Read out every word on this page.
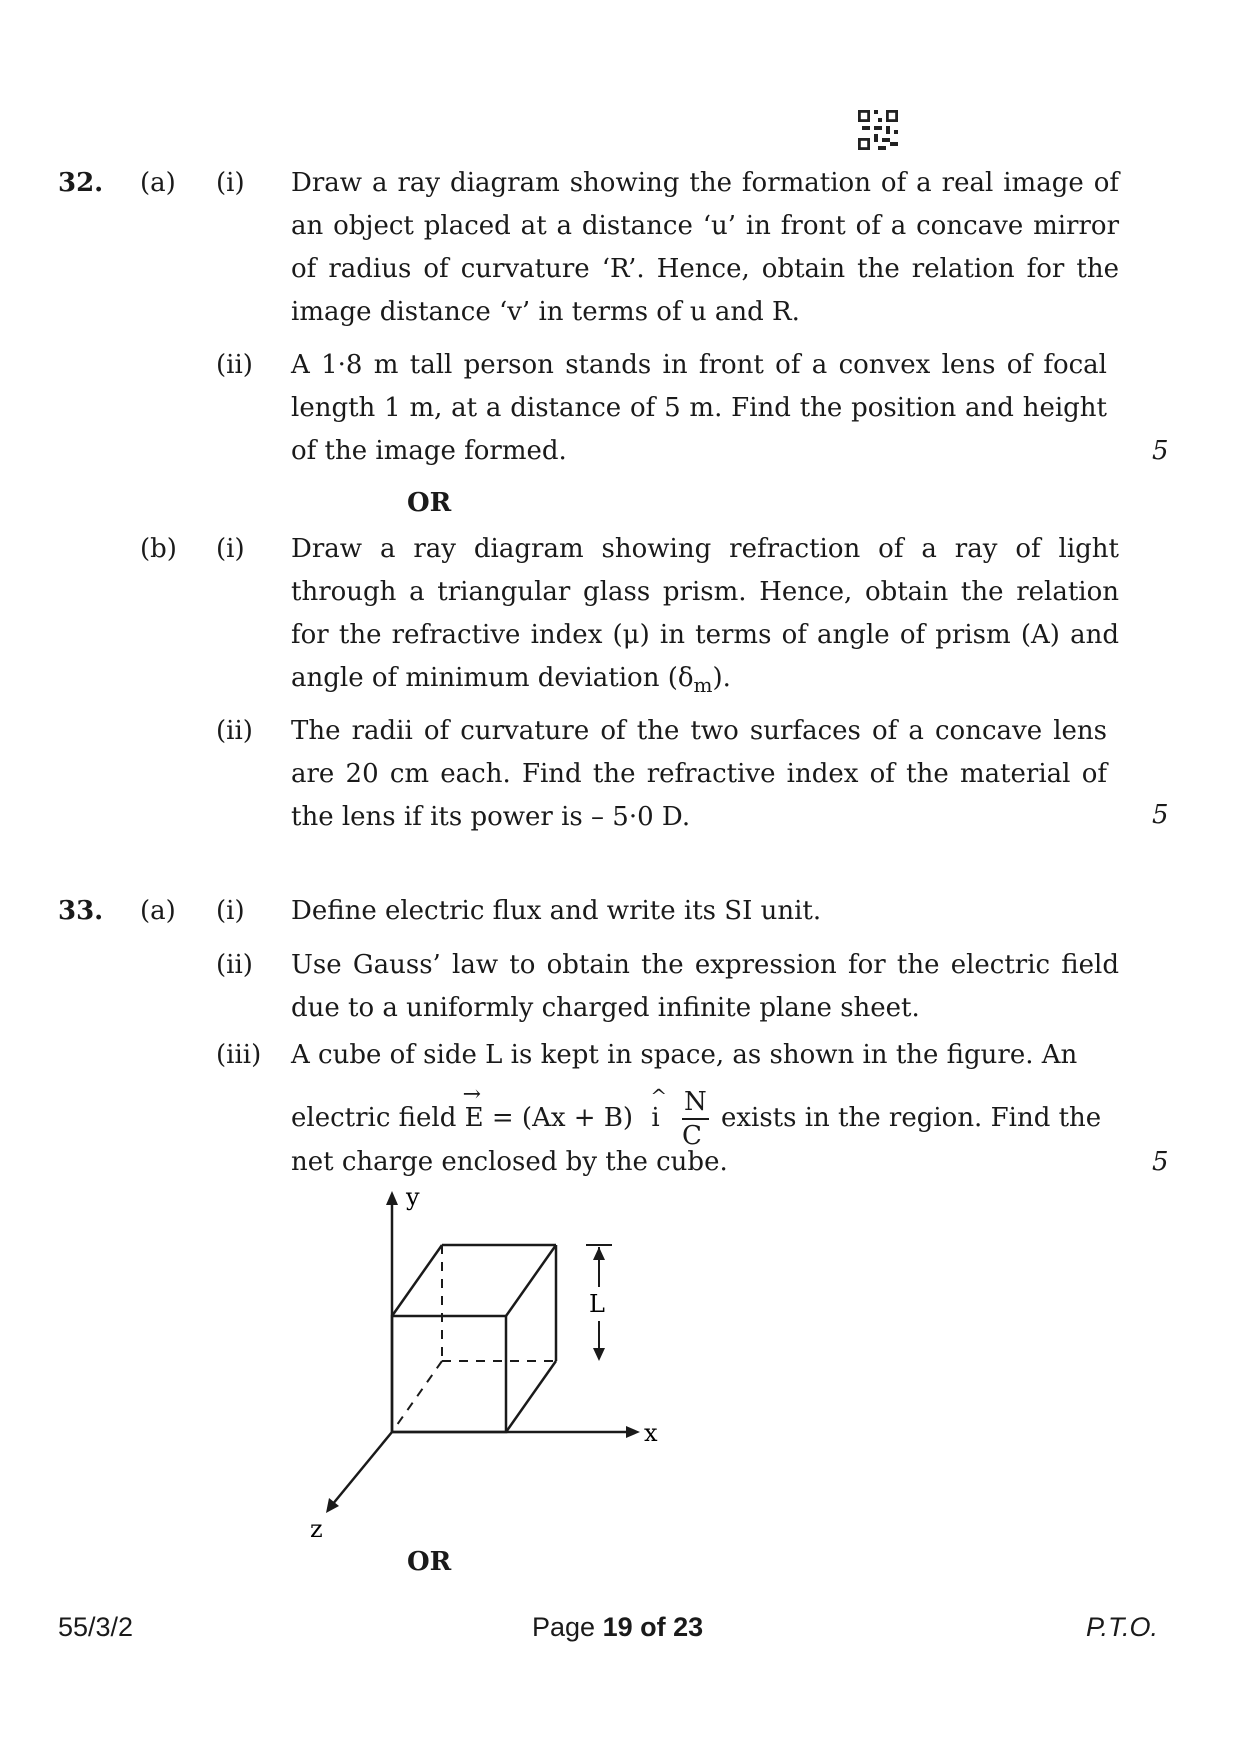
32. (a) (i) Draw a ray diagram showing the formation of a real image of an object placed at a distance ‘u’ in front of a concave mirror of radius of curvature ‘R’. Hence, obtain the relation for the image distance ‘v’ in terms of u and R.
(ii) A 1·8 m tall person stands in front of a convex lens of focal length 1 m, at a distance of 5 m. Find the position and height of the image formed.	5
OR
(b) (i) Draw a ray diagram showing refraction of a ray of light through a triangular glass prism. Hence, obtain the relation for the refractive index (μ) in terms of angle of prism (A) and angle of minimum deviation $(\delta_m)$.
(ii) The radii of curvature of the two surfaces of a concave lens are 20 cm each. Find the refractive index of the material of the lens if its power is – 5·0 D.	5
33. (a) (i) Define electric flux and write its SI unit.
(ii) Use Gauss’ law to obtain the expression for the electric field due to a uniformly charged infinite plane sheet.
(iii) A cube of side L is kept in space, as shown in the figure. An
electric field
→
E = (Ax + B)
^
i $\frac{N}{C}$ exists in the region. Find the
net charge enclosed by the cube.	5
y
x
z
L
OR
55/3/2	Page 19 of 23	P.T.O.
